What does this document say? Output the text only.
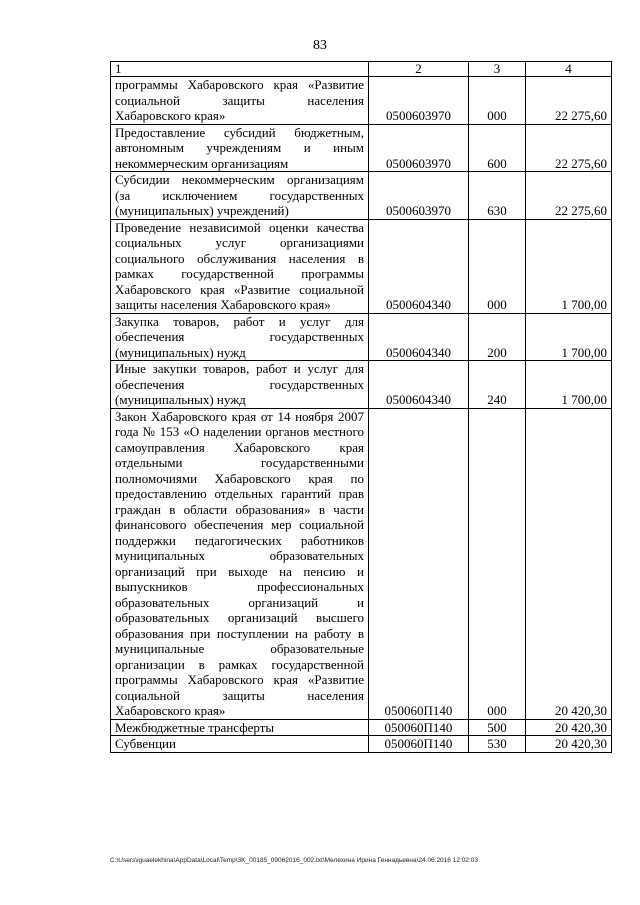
83
1	2	3	4
программы Хабаровского края «Развитие социальной защиты населения Хабаровского края»	0500603970	000	22 275,60
Предоставление субсидий бюджетным, автономным учреждениям и иным некоммерческим организациям	0500603970	600	22 275,60
Субсидии некоммерческим организациям (за исключением государственных (муниципальных) учреждений)	0500603970	630	22 275,60
Проведение независимой оценки качества социальных услуг организациями социального обслуживания населения в рамках государственной программы Хабаровского края «Развитие социальной защиты населения Хабаровского края»	0500604340	000	1 700,00
Закупка товаров, работ и услуг для обеспечения государственных (муниципальных) нужд	0500604340	200	1 700,00
Иные закупки товаров, работ и услуг для обеспечения государственных (муниципальных) нужд	0500604340	240	1 700,00
Закон Хабаровского края от 14 ноября 2007 года № 153 «О наделении органов местного самоуправления Хабаровского края отдельными государственными полномочиями Хабаровского края по предоставлению отдельных гарантий прав граждан в области образования» в части финансового обеспечения мер социальной поддержки педагогических работников муниципальных образовательных организаций при выходе на пенсию и выпускников профессиональных образовательных организаций и образовательных организаций высшего образования при поступлении на работу в муниципальные образовательные организации в рамках государственной программы Хабаровского края «Развитие социальной защиты населения Хабаровского края»	050060П140	000	20 420,30
Межбюджетные трансферты	050060П140	500	20 420,30
Субвенции	050060П140	530	20 420,30
C:\Users\iguaelekhina\AppData\Local\Temp\3K_00185_09062016_002.txt\Мелехина Ирина Геннадьевна\24.06.2016 12:02:03
